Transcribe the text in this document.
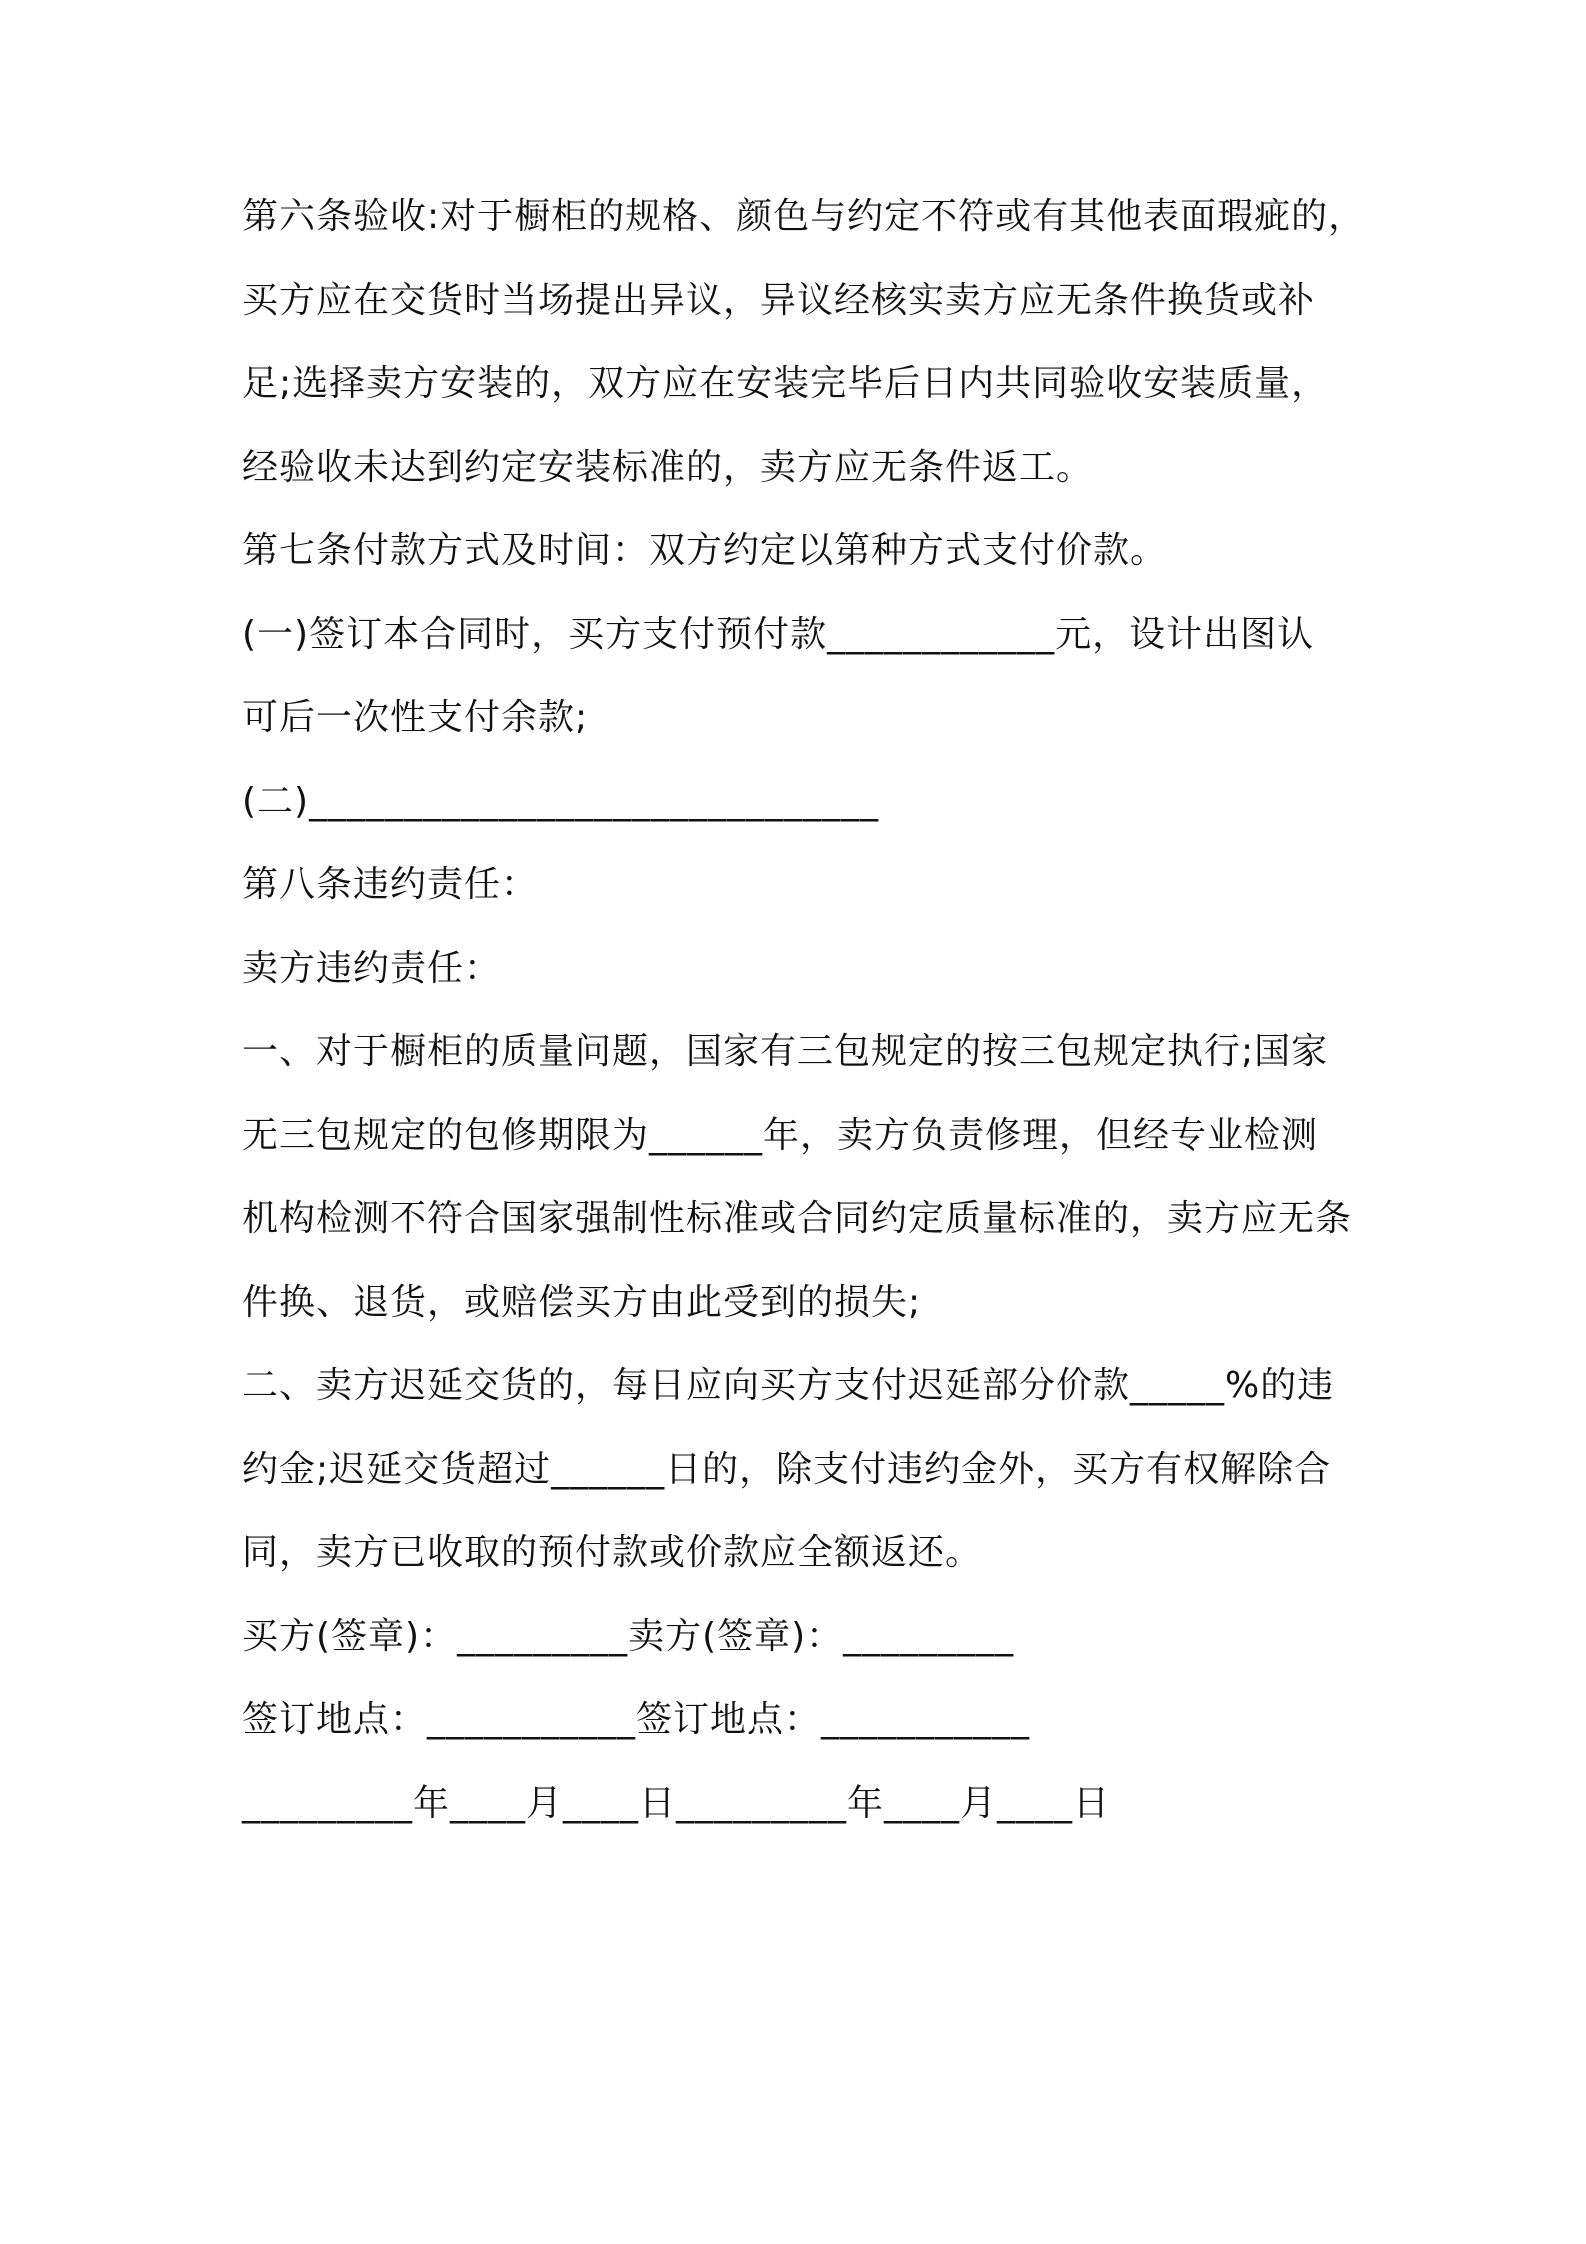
第六条验收:对于橱柜的规格、颜色与约定不符或有其他表面瑕疵的，
买方应在交货时当场提出异议，异议经核实卖方应无条件换货或补
足;选择卖方安装的，双方应在安装完毕后日内共同验收安装质量，
经验收未达到约定安装标准的，卖方应无条件返工。
第七条付款方式及时间：双方约定以第种方式支付价款。
(一)签订本合同时，买方支付预付款____________元，设计出图认
可后一次性支付余款;
(二)______________________________
第八条违约责任：
卖方违约责任：
一、对于橱柜的质量问题，国家有三包规定的按三包规定执行;国家
无三包规定的包修期限为______年，卖方负责修理，但经专业检测
机构检测不符合国家强制性标准或合同约定质量标准的，卖方应无条
件换、退货，或赔偿买方由此受到的损失;
二、卖方迟延交货的，每日应向买方支付迟延部分价款_____%的违
约金;迟延交货超过______日的，除支付违约金外，买方有权解除合
同，卖方已收取的预付款或价款应全额返还。
买方(签章)：_________卖方(签章)：_________
签订地点：___________签订地点：___________
_________年____月____日_________年____月____日
